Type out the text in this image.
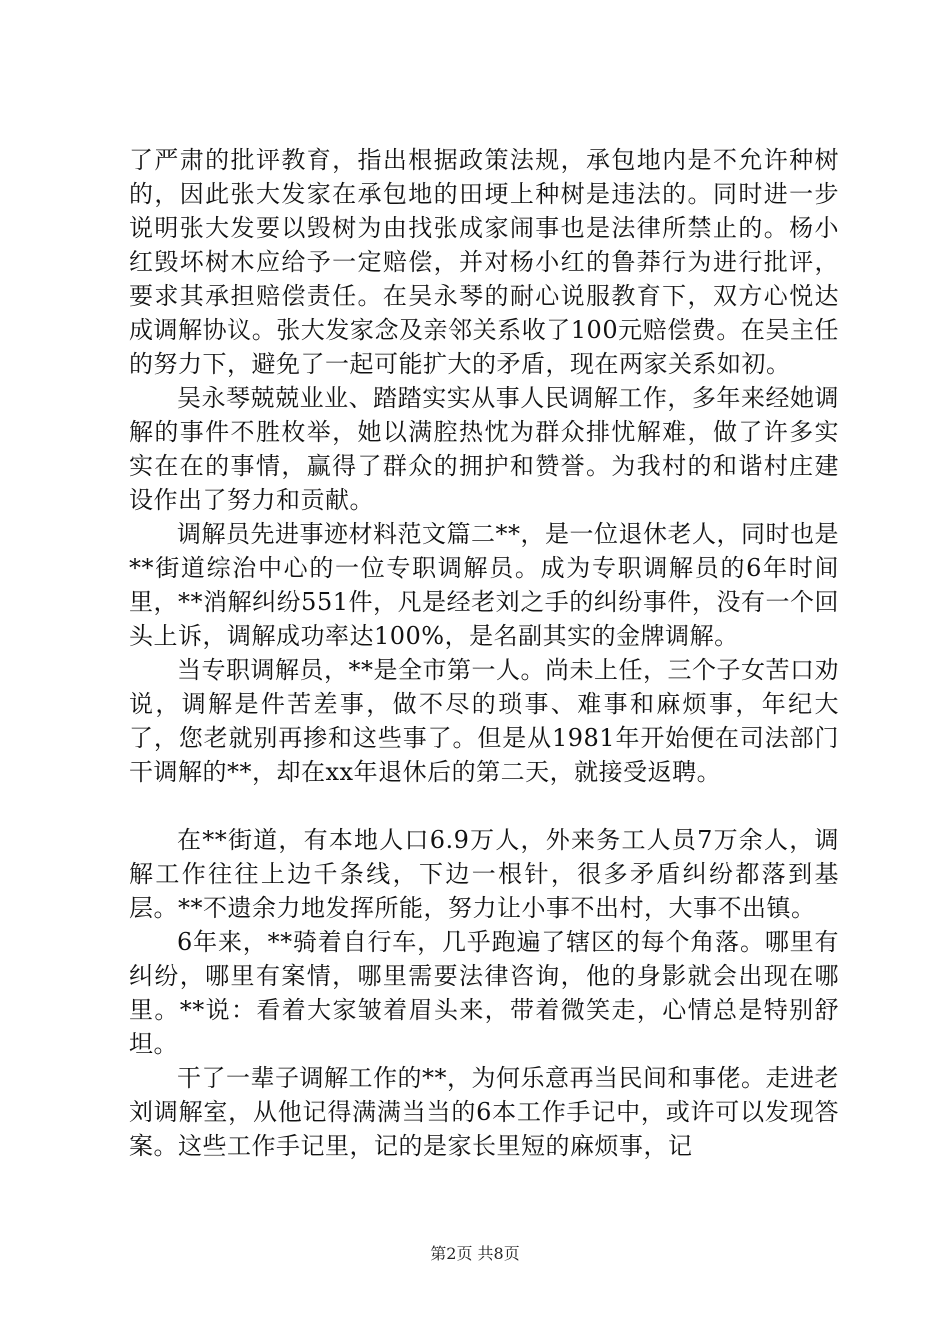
了严肃的批评教育，指出根据政策法规，承包地内是不允许种树的，因此张大发家在承包地的田埂上种树是违法的。同时进一步说明张大发要以毁树为由找张成家闹事也是法律所禁止的。杨小红毁坏树木应给予一定赔偿，并对杨小红的鲁莽行为进行批评，要求其承担赔偿责任。在吴永琴的耐心说服教育下，双方心悦达成调解协议。张大发家念及亲邻关系收了100元赔偿费。在吴主任的努力下，避免了一起可能扩大的矛盾，现在两家关系如初。

吴永琴兢兢业业、踏踏实实从事人民调解工作，多年来经她调解的事件不胜枚举，她以满腔热忱为群众排忧解难，做了许多实实在在的事情，赢得了群众的拥护和赞誉。为我村的和谐村庄建设作出了努力和贡献。

调解员先进事迹材料范文篇二**，是一位退休老人，同时也是**街道综治中心的一位专职调解员。成为专职调解员的6年时间里，**消解纠纷551件，凡是经老刘之手的纠纷事件，没有一个回头上诉，调解成功率达100%，是名副其实的金牌调解。

当专职调解员，**是全市第一人。尚未上任，三个子女苦口劝说，调解是件苦差事，做不尽的琐事、难事和麻烦事，年纪大了，您老就别再掺和这些事了。但是从1981年开始便在司法部门干调解的**，却在xx年退休后的第二天，就接受返聘。

在**街道，有本地人口6.9万人，外来务工人员7万余人，调解工作往往上边千条线，下边一根针，很多矛盾纠纷都落到基层。**不遗余力地发挥所能，努力让小事不出村，大事不出镇。

6年来，**骑着自行车，几乎跑遍了辖区的每个角落。哪里有纠纷，哪里有案情，哪里需要法律咨询，他的身影就会出现在哪里。**说：看着大家皱着眉头来，带着微笑走，心情总是特别舒坦。

干了一辈子调解工作的**，为何乐意再当民间和事佬。走进老刘调解室，从他记得满满当当的6本工作手记中，或许可以发现答案。这些工作手记里，记的是家长里短的麻烦事，记

第2页 共8页
